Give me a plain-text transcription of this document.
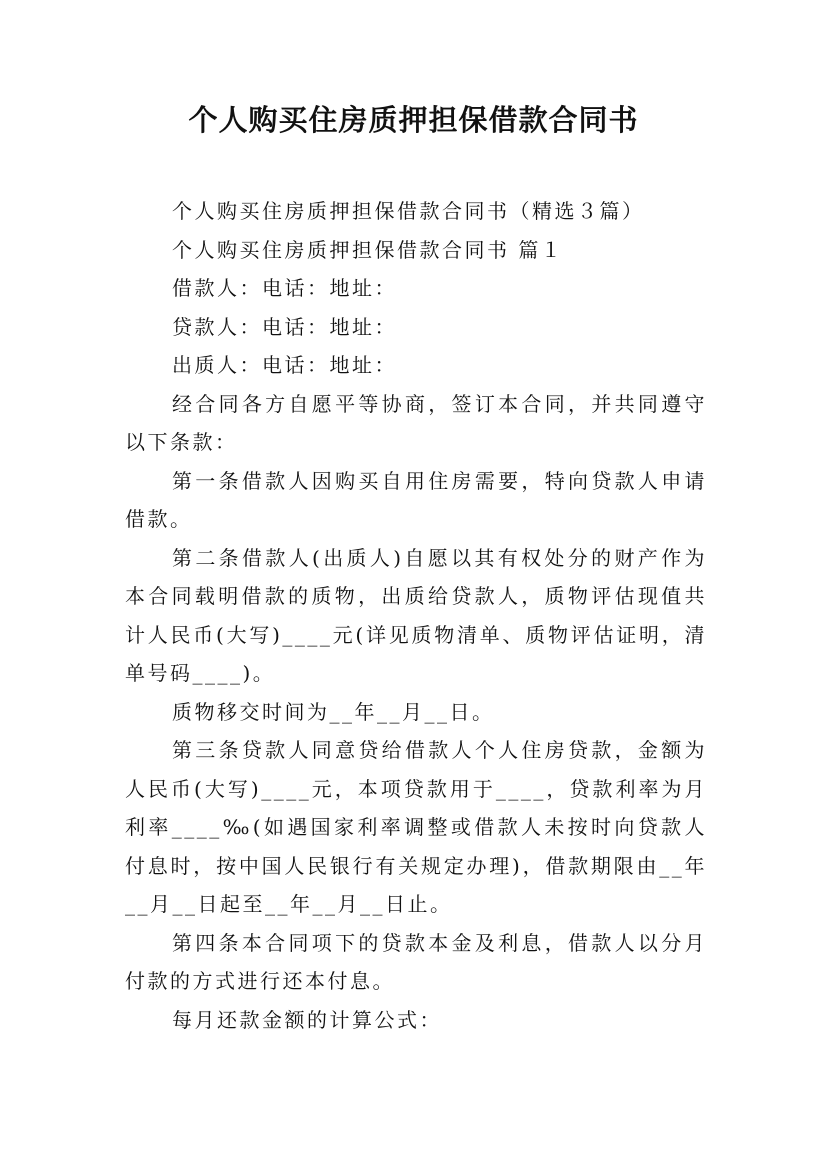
个人购买住房质押担保借款合同书

个人购买住房质押担保借款合同书（精选３篇）

个人购买住房质押担保借款合同书 篇１

借款人：电话：地址：

贷款人：电话：地址：

出质人：电话：地址：

经合同各方自愿平等协商，签订本合同，并共同遵守以下条款：

第一条借款人因购买自用住房需要，特向贷款人申请借款。

第二条借款人(出质人)自愿以其有权处分的财产作为本合同载明借款的质物，出质给贷款人，质物评估现值共计人民币(大写)____元(详见质物清单、质物评估证明，清单号码____)。

质物移交时间为__年__月__日。

第三条贷款人同意贷给借款人个人住房贷款，金额为人民币(大写)____元，本项贷款用于____，贷款利率为月利率____‰(如遇国家利率调整或借款人未按时向贷款人付息时，按中国人民银行有关规定办理)，借款期限由__年__月__日起至__年__月__日止。

第四条本合同项下的贷款本金及利息，借款人以分月付款的方式进行还本付息。

每月还款金额的计算公式：
